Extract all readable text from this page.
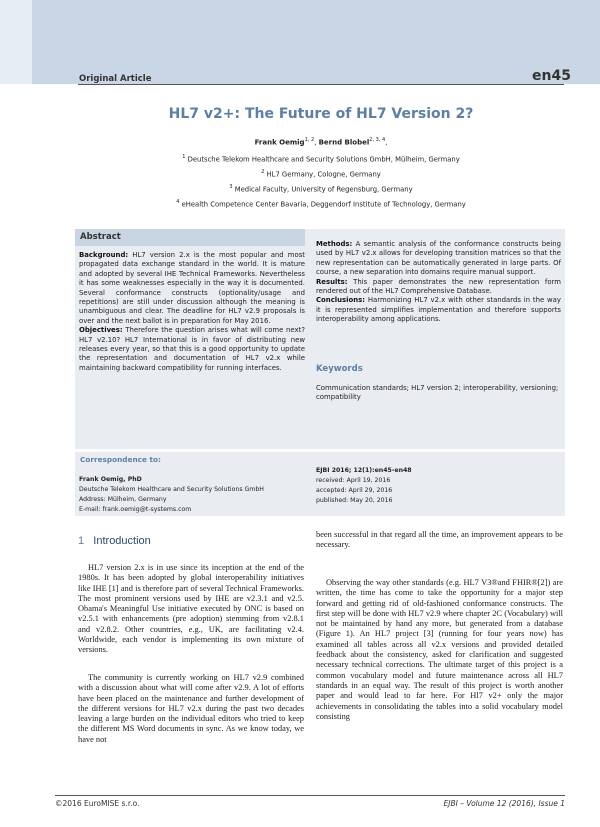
Original Article	en45
HL7 v2+: The Future of HL7 Version 2?
Frank Oemig$^{1, 2}$, Bernd Blobel$^{2, 3, 4}$,
$^1$ Deutsche Telekom Healthcare and Security Solutions GmbH, Mülheim, Germany
$^2$ HL7 Germany, Cologne, Germany
$^3$ Medical Faculty, University of Regensburg, Germany
$^4$ eHealth Competence Center Bavaria, Deggendorf Institute of Technology, Germany
Abstract
Background: HL7 version 2.x is the most popular and most propagated data exchange standard in the world. It is mature and adopted by several IHE Technical Frameworks. Nevertheless it has some weaknesses especially in the way it is documented. Several conformance constructs (optionality/usage and repetitions) are still under discussion although the meaning is unambiguous and clear. The deadline for HL7 v2.9 proposals is over and the next ballot is in preparation for May 2016.
Objectives: Therefore the question arises what will come next? HL7 v2.10? HL7 International is in favor of distributing new releases every year, so that this is a good opportunity to update the representation and documentation of HL7 v2.x while maintaining backward compatibility for running interfaces.
Methods: A semantic analysis of the conformance constructs being used by HL7 v2.x allows for developing transition matrices so that the new representation can be automatically generated in large parts. Of course, a new separation into domains require manual support.
Results: This paper demonstrates the new representation form rendered out of the HL7 Comprehensive Database.
Conclusions: Harmonizing HL7 v2.x with other standards in the way it is represented simplifies implementation and therefore supports interoperability among applications.
Keywords
Communication standards; HL7 version 2; interoperability, versioning; compatibility
Correspondence to:
Frank Oemig, PhD
Deutsche Telekom Healthcare and Security Solutions GmbH
Address: Mülheim, Germany
E-mail: frank.oemig@t-systems.com
EJBI 2016; 12(1):en45-en48
received: April 19, 2016
accepted: April 29, 2016
published: May 20, 2016
1 Introduction
HL7 version 2.x is in use since its inception at the end of the 1980s. It has been adopted by global interoperability initiatives like IHE [1] and is therefore part of several Technical Frameworks. The most prominent versions used by IHE are v2.3.1 and v2.5. Obama's Meaningful Use initiative executed by ONC is based on v2.5.1 with enhancements (pre adoption) stemming from v2.8.1 and v2.8.2. Other countries, e.g., UK, are facilitating v2.4. Worldwide, each vendor is implementing its own mixture of versions.
The community is currently working on HL7 v2.9 combined with a discussion about what will come after v2.9. A lot of efforts have been placed on the maintenance and further development of the different versions for HL7 v2.x during the past two decades leaving a large burden on the individual editors who tried to keep the different MS Word documents in sync. As we know today, we have not
been successful in that regard all the time, an improvement appears to be necessary.
Observing the way other standards (e.g. HL7 V3®and FHIR®[2]) are written, the time has come to take the opportunity for a major step forward and getting rid of old-fashioned conformance constructs. The first step will be done with HL7 v2.9 where chapter 2C (Vocabulary) will not be maintained by hand any more, but generated from a database (Figure 1). An HL7 project [3] (running for four years now) has examined all tables across all v2.x versions and provided detailed feedback about the consistency, asked for clarification and suggested necessary technical corrections. The ultimate target of this project is a common vocabulary model and future maintenance across all HL7 standards in an equal way. The result of this project is worth another paper and would lead to far here. For Hl7 v2+ only the major achievements in consolidating the tables into a solid vocabulary model consisting
©2016 EuroMISE s.r.o.	EJBI – Volume 12 (2016), Issue 1
